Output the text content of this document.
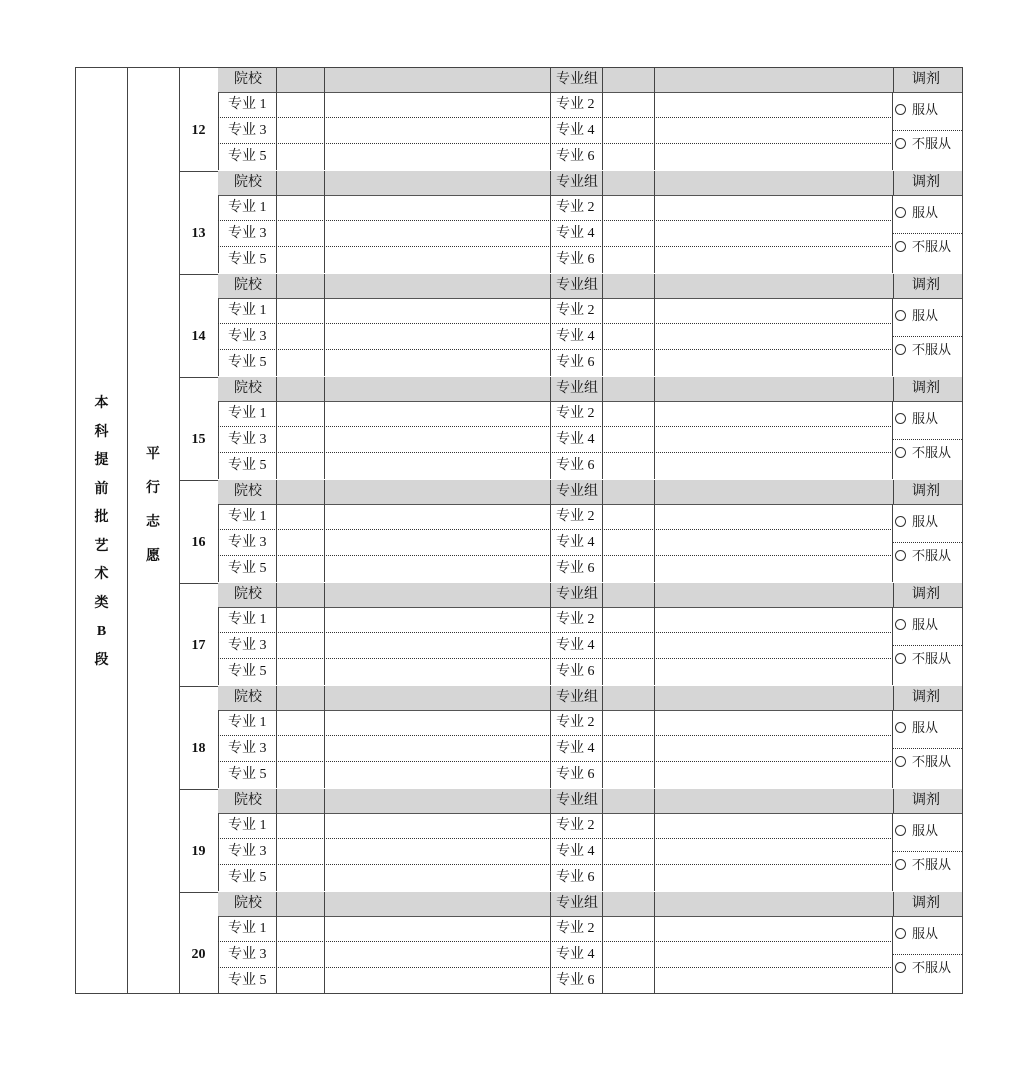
本
科
提
前
批
艺
术
类
B
段
平
行
志
愿
院校	专业组	调剂
12
专业 1	专业 2
专业 3	专业 4
专业 5	专业 6
服从
不服从
院校	专业组	调剂
13
专业 1	专业 2
专业 3	专业 4
专业 5	专业 6
服从
不服从
院校	专业组	调剂
14
专业 1	专业 2
专业 3	专业 4
专业 5	专业 6
服从
不服从
院校	专业组	调剂
15
专业 1	专业 2
专业 3	专业 4
专业 5	专业 6
服从
不服从
院校	专业组	调剂
16
专业 1	专业 2
专业 3	专业 4
专业 5	专业 6
服从
不服从
院校	专业组	调剂
17
专业 1	专业 2
专业 3	专业 4
专业 5	专业 6
服从
不服从
院校	专业组	调剂
18
专业 1	专业 2
专业 3	专业 4
专业 5	专业 6
服从
不服从
院校	专业组	调剂
19
专业 1	专业 2
专业 3	专业 4
专业 5	专业 6
服从
不服从
院校	专业组	调剂
20
专业 1	专业 2
专业 3	专业 4
专业 5	专业 6
服从
不服从
